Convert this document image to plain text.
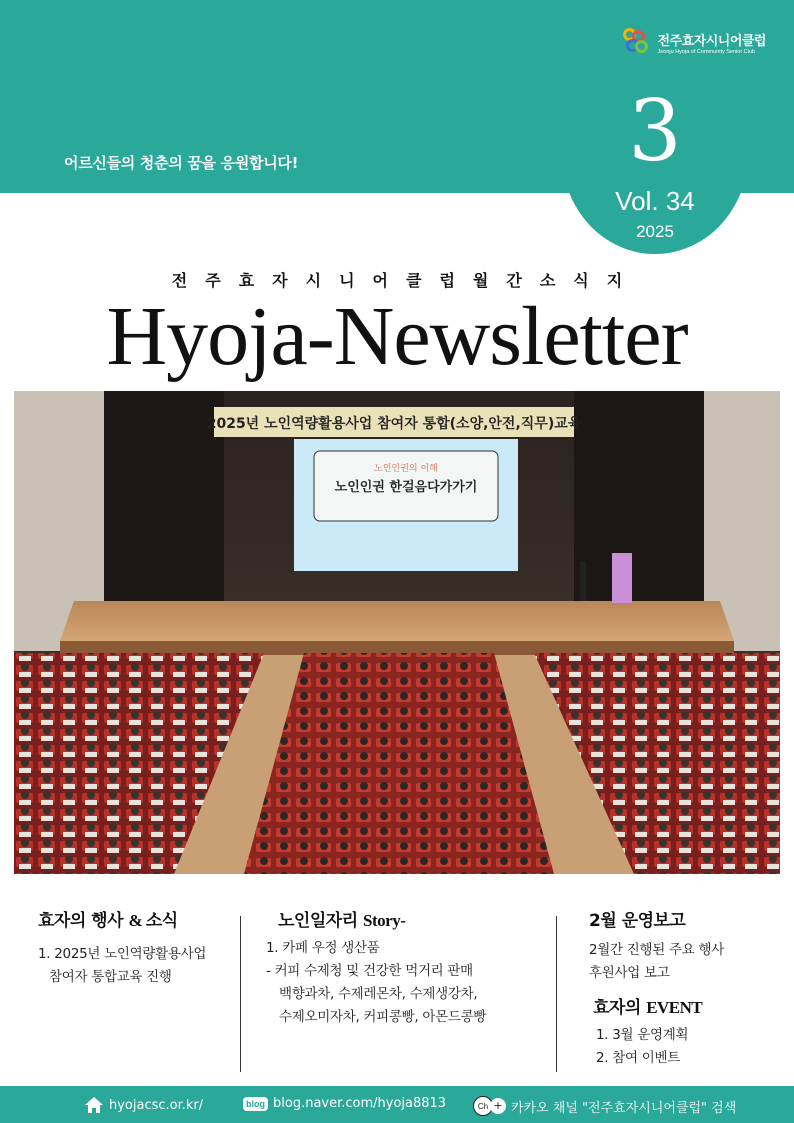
전주효자시니어클럽
Jeonju Hyoja of Community Senior Club
어르신들의 청춘의 꿈을 응원합니다!	3
Vol. 34
2025
전주효자시니어클럽월간소식지
Hyoja-Newsletter
2025년 노인역량활용사업 참여자 통합(소양,안전,직무)교육
노인인권의 이해
노인인권 한걸음다가가기
효자의 행사 & 소식
1. 2025년 노인역량활용사업
참여자 통합교육 진행
노인일자리 Story-
1. 카페 우정 생산품
- 커피 수제청 및 건강한 먹거리 판매
백향과차, 수제레몬차, 수제생강차,
수제오미자차, 커피콩빵, 아몬드콩빵
2월 운영보고
2월간 진행된 주요 행사
후원사업 보고
효자의 EVENT
1. 3월 운영계획
2. 참여 이벤트
hyojacsc.or.kr/	blog blog.naver.com/hyoja8813	Ch + 카카오 채널 "전주효자시니어클럽" 검색
